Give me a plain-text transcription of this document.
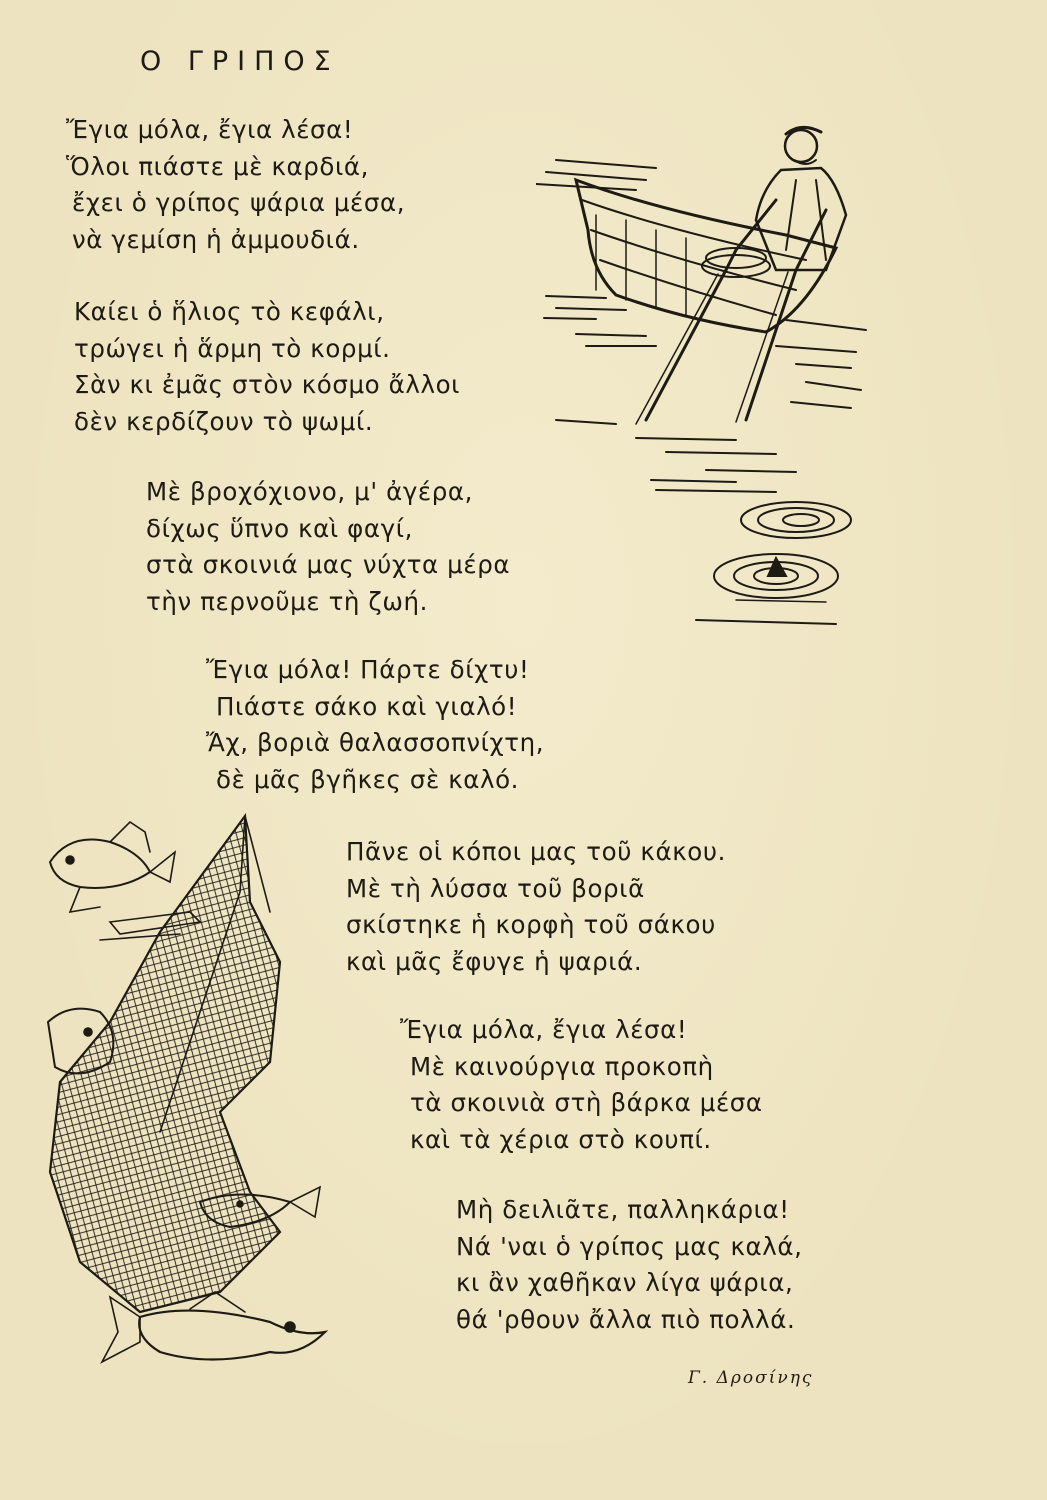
Ο ΓΡΙΠΟΣ
Ἔγια μόλα, ἔγια λέσα!
Ὅλοι πιάστε μὲ καρδιά,
ἔχει ὁ γρίπος ψάρια μέσα,
νὰ γεμίση ἡ ἀμμουδιά.
Καίει ὁ ἥλιος τὸ κεφάλι,
τρώγει ἡ ἅρμη τὸ κορμί.
Σὰν κι ἐμᾶς στὸν κόσμο ἄλλοι
δὲν κερδίζουν τὸ ψωμί.
Μὲ βροχόχιονο, μ' ἀγέρα,
δίχως ὕπνο καὶ φαγί,
στὰ σκοινιά μας νύχτα μέρα
τὴν περνοῦμε τὴ ζωή.
Ἔγια μόλα! Πάρτε δίχτυ!
Πιάστε σάκο καὶ γιαλό!
Ἄχ, βοριὰ θαλασσοπνίχτη,
δὲ μᾶς βγῆκες σὲ καλό.
Πᾶνε οἱ κόποι μας τοῦ κάκου.
Μὲ τὴ λύσσα τοῦ βοριᾶ
σκίστηκε ἡ κορφὴ τοῦ σάκου
καὶ μᾶς ἔφυγε ἡ ψαριά.
Ἔγια μόλα, ἔγια λέσα!
Μὲ καινούργια προκοπὴ
τὰ σκοινιὰ στὴ βάρκα μέσα
καὶ τὰ χέρια στὸ κουπί.
Μὴ δειλιᾶτε, παλληκάρια!
Νά 'ναι ὁ γρίπος μας καλά,
κι ἂν χαθῆκαν λίγα ψάρια,
θά 'ρθουν ἄλλα πιὸ πολλά.
Γ. Δροσίνης
